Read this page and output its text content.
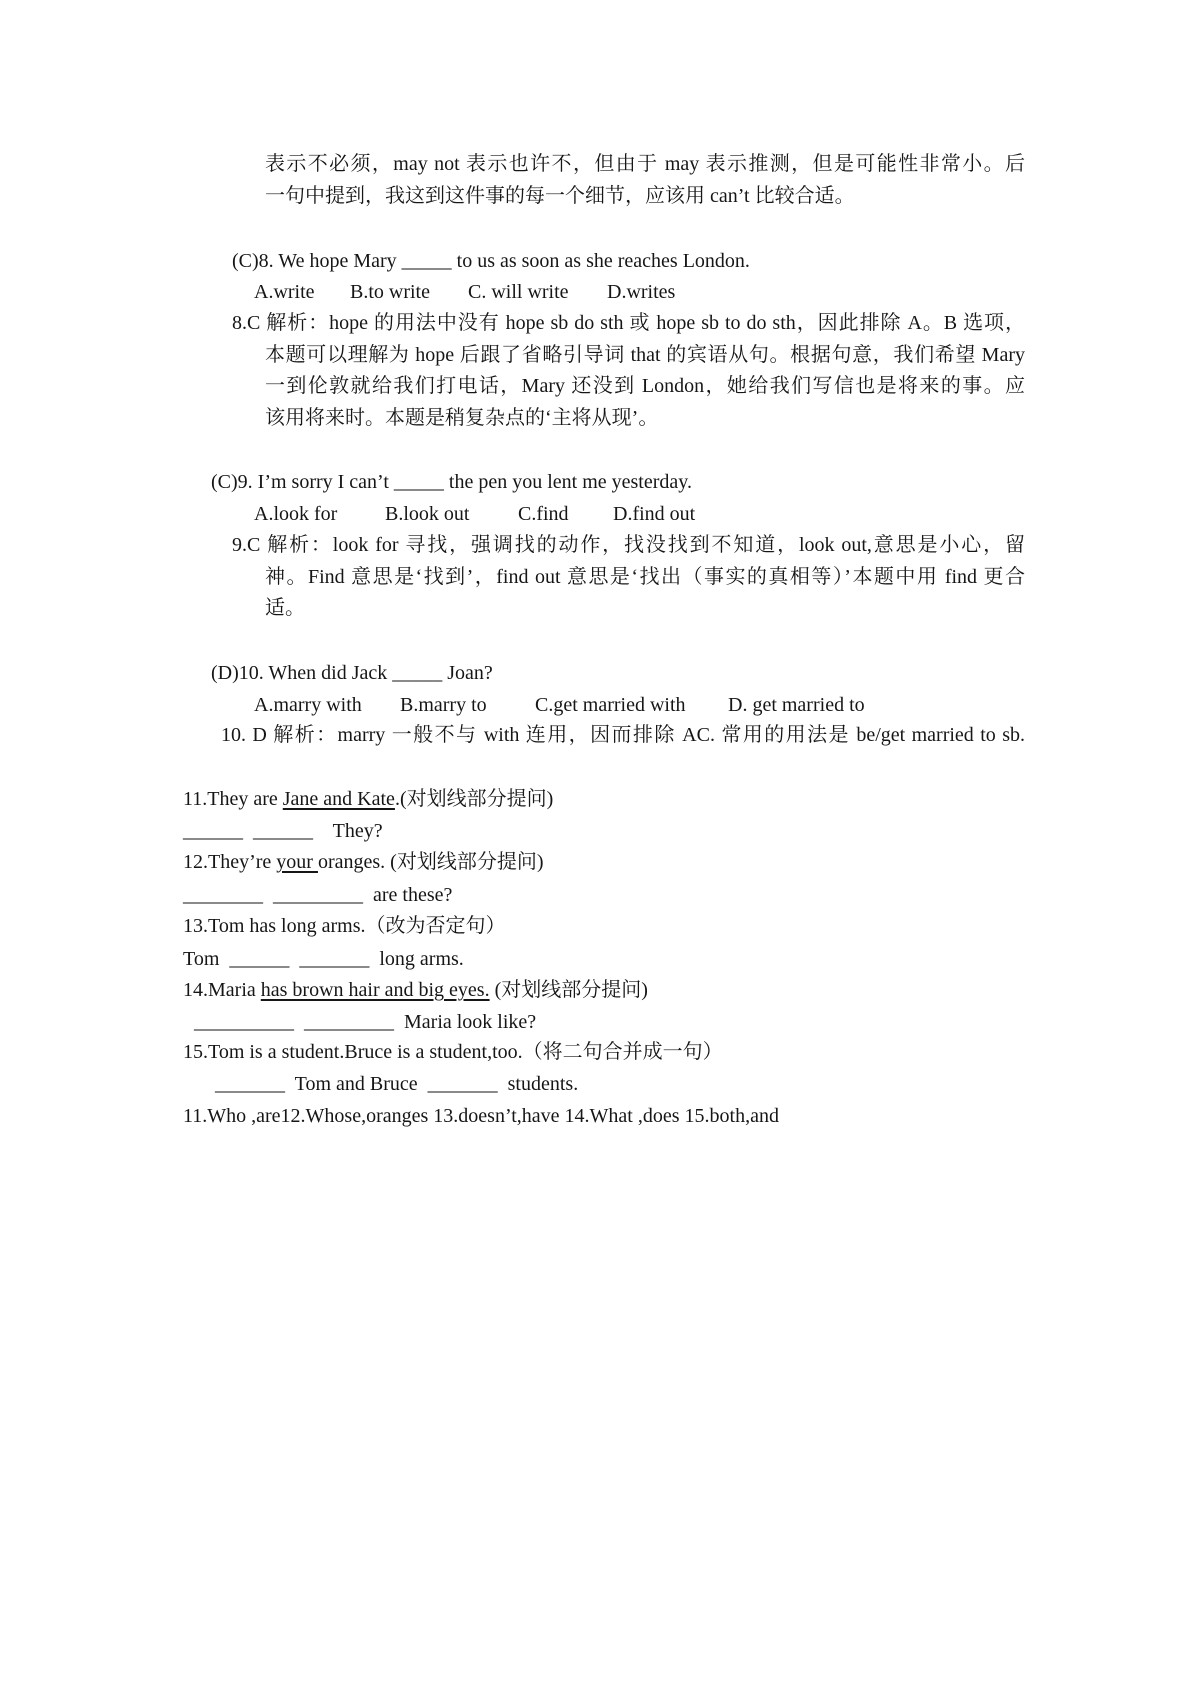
表示不必须，may not 表示也许不，但由于 may 表示推测，但是可能性非常小。后
一句中提到，我这到这件事的每一个细节，应该用 can’t 比较合适。
(C)8. We hope Mary _____ to us as soon as she reaches London.
A.write B.to write C. will write D.writes
8.C 解析：hope 的用法中没有 hope sb do sth 或 hope sb to do sth，因此排除 A。B 选项，
本题可以理解为 hope 后跟了省略引导词 that 的宾语从句。根据句意，我们希望 Mary
一到伦敦就给我们打电话，Mary 还没到 London，她给我们写信也是将来的事。应
该用将来时。本题是稍复杂点的‘主将从现’。
(C)9. I’m sorry I can’t _____ the pen you lent me yesterday.
A.look for B.look out C.find D.find out
9.C 解析：look for 寻找，强调找的动作，找没找到不知道，look out,意思是小心，留
神。Find 意思是‘找到’，find out 意思是‘找出（事实的真相等）’本题中用 find 更合
适。
(D)10. When did Jack _____ Joan?
A.marry with B.marry to C.get married with D. get married to
10. D 解析：marry 一般不与 with 连用，因而排除 AC. 常用的用法是 be/get married to sb.
11.They are Jane and Kate.(对划线部分提问)
______  ______    They?
12.They’re your oranges. (对划线部分提问)
________  _________  are these?
13.Tom has long arms.（改为否定句）
Tom  ______  _______  long arms.
14.Maria has brown hair and big eyes. (对划线部分提问)
__________  _________  Maria look like?
15.Tom is a student.Bruce is a student,too.（将二句合并成一句）
_______  Tom and Bruce  _______  students.
11.Who ,are12.Whose,oranges 13.doesn’t,have 14.What ,does 15.both,and
